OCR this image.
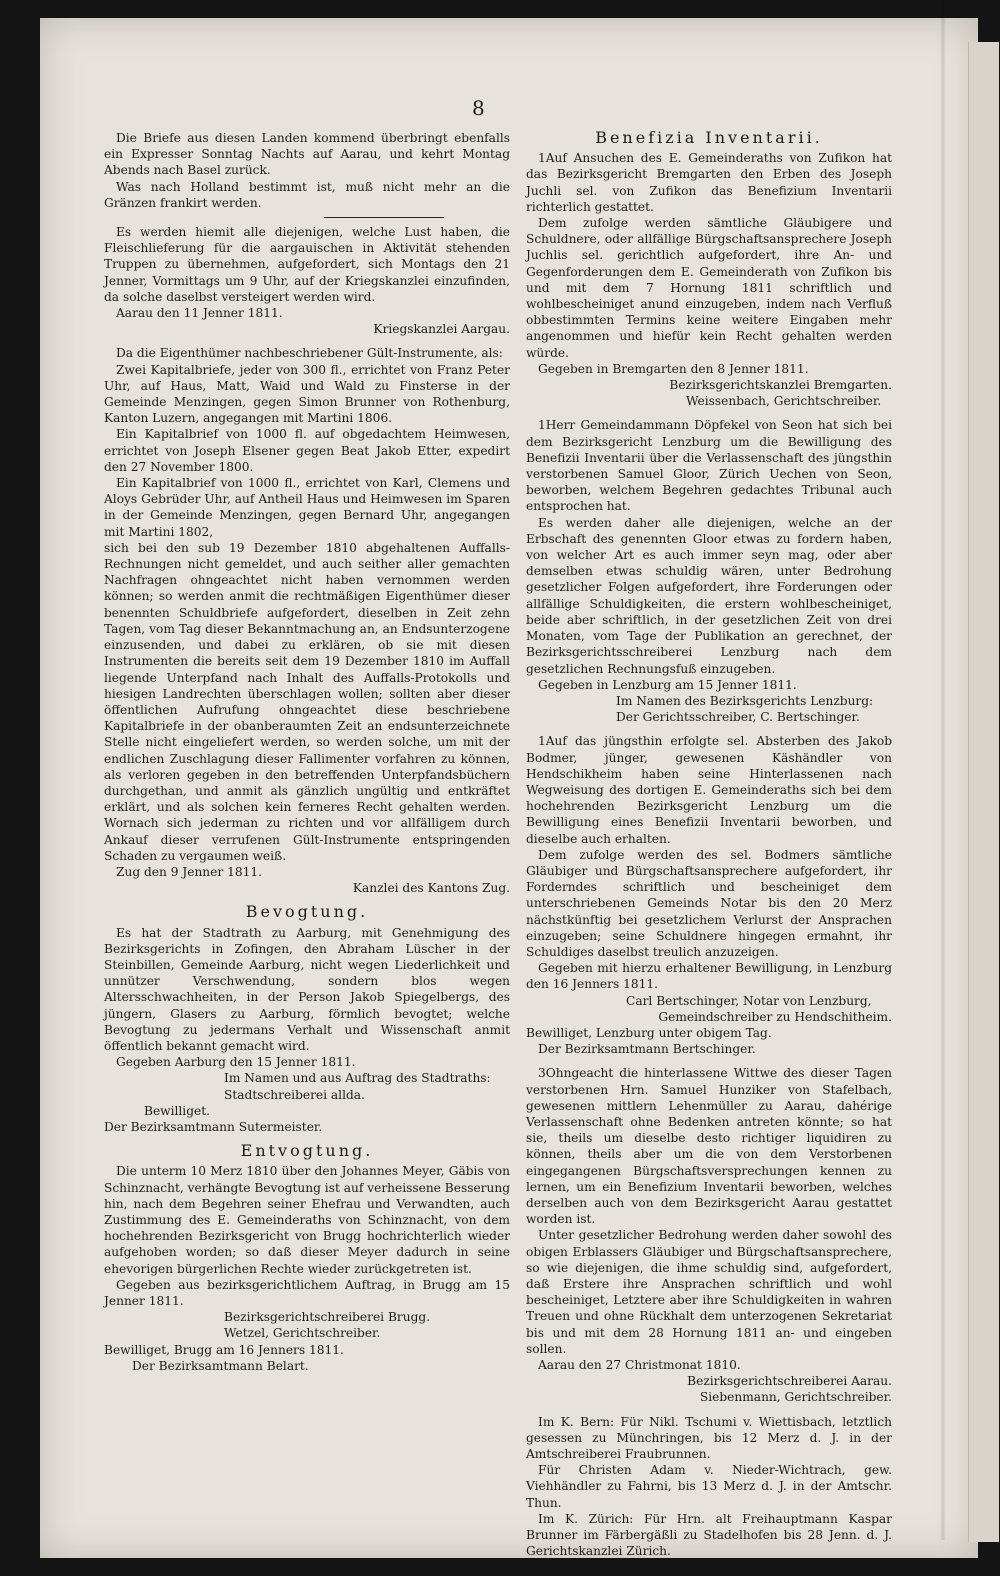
8

Die Briefe aus diesen Landen kommend überbringt ebenfalls ein Expresser Sonntag Nachts auf Aarau, und kehrt Montag Abends nach Basel zurück.

Was nach Holland bestimmt ist, muß nicht mehr an die Gränzen frankirt werden.

Es werden hiemit alle diejenigen, welche Lust haben, die Fleischlieferung für die aargauischen in Aktivität stehenden Truppen zu übernehmen, aufgefordert, sich Montags den 21 Jenner, Vormittags um 9 Uhr, auf der Kriegskanzlei einzufinden, da solche daselbst versteigert werden wird.

Aarau den 11 Jenner 1811.

Kriegskanzlei Aargau.

Da die Eigenthümer nachbeschriebener Gült-Instrumente, als:

Zwei Kapitalbriefe, jeder von 300 fl., errichtet von Franz Peter Uhr, auf Haus, Matt, Waid und Wald zu Finsterse in der Gemeinde Menzingen, gegen Simon Brunner von Rothenburg, Kanton Luzern, angegangen mit Martini 1806.

Ein Kapitalbrief von 1000 fl. auf obgedachtem Heimwesen, errichtet von Joseph Elsener gegen Beat Jakob Etter, expedirt den 27 November 1800.

Ein Kapitalbrief von 1000 fl., errichtet von Karl, Clemens und Aloys Gebrüder Uhr, auf Antheil Haus und Heimwesen im Sparen in der Gemeinde Menzingen, gegen Bernard Uhr, angegangen mit Martini 1802,

sich bei den sub 19 Dezember 1810 abgehaltenen Auffalls-Rechnungen nicht gemeldet, und auch seither aller gemachten Nachfragen ohngeachtet nicht haben vernommen werden können; so werden anmit die rechtmäßigen Eigenthümer dieser benennten Schuldbriefe aufgefordert, dieselben in Zeit zehn Tagen, vom Tag dieser Bekanntmachung an, an Endsunterzogene einzusenden, und dabei zu erklären, ob sie mit diesen Instrumenten die bereits seit dem 19 Dezember 1810 im Auffall liegende Unterpfand nach Inhalt des Auffalls-Protokolls und hiesigen Landrechten überschlagen wollen; sollten aber dieser öffentlichen Aufrufung ohngeachtet diese beschriebene Kapitalbriefe in der obanberaumten Zeit an endsunterzeichnete Stelle nicht eingeliefert werden, so werden solche, um mit der endlichen Zuschlagung dieser Fallimenter vorfahren zu können, als verloren gegeben in den betreffenden Unterpfandsbüchern durchgethan, und anmit als gänzlich ungültig und entkräftet erklärt, und als solchen kein ferneres Recht gehalten werden. Wornach sich jederman zu richten und vor allfälligem durch Ankauf dieser verrufenen Gült-Instrumente entspringenden Schaden zu vergaumen weiß.

Zug den 9 Jenner 1811.

Kanzlei des Kantons Zug.

Bevogtung.

Es hat der Stadtrath zu Aarburg, mit Genehmigung des Bezirksgerichts in Zofingen, den Abraham Lüscher in der Steinbillen, Gemeinde Aarburg, nicht wegen Liederlichkeit und unnützer Verschwendung, sondern blos wegen Altersschwachheiten, in der Person Jakob Spiegelbergs, des jüngern, Glasers zu Aarburg, förmlich bevogtet; welche Bevogtung zu jedermans Verhalt und Wissenschaft anmit öffentlich bekannt gemacht wird.

Gegeben Aarburg den 15 Jenner 1811.

Im Namen und aus Auftrag des Stadtraths:

Stadtschreiberei allda.

Bewilliget.

Der Bezirksamtmann Sutermeister.

Entvogtung.

Die unterm 10 Merz 1810 über den Johannes Meyer, Gäbis von Schinznacht, verhängte Bevogtung ist auf verheissene Besserung hin, nach dem Begehren seiner Ehefrau und Verwandten, auch Zustimmung des E. Gemeinderaths von Schinznacht, von dem hochehrenden Bezirksgericht von Brugg hochrichterlich wieder aufgehoben worden; so daß dieser Meyer dadurch in seine ehevorigen bürgerlichen Rechte wieder zurückgetreten ist.

Gegeben aus bezirksgerichtlichem Auftrag, in Brugg am 15 Jenner 1811.

Bezirksgerichtschreiberei Brugg.

Wetzel, Gerichtschreiber.

Bewilliget, Brugg am 16 Jenners 1811.

Der Bezirksamtmann Belart.

Benefizia Inventarii.

1Auf Ansuchen des E. Gemeinderaths von Zufikon hat das Bezirksgericht Bremgarten den Erben des Joseph Juchli sel. von Zufikon das Benefizium Inventarii richterlich gestattet.

Dem zufolge werden sämtliche Gläubigere und Schuldnere, oder allfällige Bürgschaftsansprechere Joseph Juchlis sel. gerichtlich aufgefordert, ihre An- und Gegenforderungen dem E. Gemeinderath von Zufikon bis und mit dem 7 Hornung 1811 schriftlich und wohlbescheiniget anund einzugeben, indem nach Verfluß obbestimmten Termins keine weitere Eingaben mehr angenommen und hiefür kein Recht gehalten werden würde.

Gegeben in Bremgarten den 8 Jenner 1811.

Bezirksgerichtskanzlei Bremgarten.

Weissenbach, Gerichtschreiber.

1Herr Gemeindammann Döpfekel von Seon hat sich bei dem Bezirksgericht Lenzburg um die Bewilligung des Benefizii Inventarii über die Verlassenschaft des jüngsthin verstorbenen Samuel Gloor, Zürich Uechen von Seon, beworben, welchem Begehren gedachtes Tribunal auch entsprochen hat.

Es werden daher alle diejenigen, welche an der Erbschaft des genennten Gloor etwas zu fordern haben, von welcher Art es auch immer seyn mag, oder aber demselben etwas schuldig wären, unter Bedrohung gesetzlicher Folgen aufgefordert, ihre Forderungen oder allfällige Schuldigkeiten, die erstern wohlbescheiniget, beide aber schriftlich, in der gesetzlichen Zeit von drei Monaten, vom Tage der Publikation an gerechnet, der Bezirksgerichtsschreiberei Lenzburg nach dem gesetzlichen Rechnungsfuß einzugeben.

Gegeben in Lenzburg am 15 Jenner 1811.

Im Namen des Bezirksgerichts Lenzburg:

Der Gerichtsschreiber, C. Bertschinger.

1Auf das jüngsthin erfolgte sel. Absterben des Jakob Bodmer, jünger, gewesenen Käshändler von Hendschikheim haben seine Hinterlassenen nach Wegweisung des dortigen E. Gemeinderaths sich bei dem hochehrenden Bezirksgericht Lenzburg um die Bewilligung eines Benefizii Inventarii beworben, und dieselbe auch erhalten.

Dem zufolge werden des sel. Bodmers sämtliche Gläubiger und Bürgschaftsansprechere aufgefordert, ihr Forderndes schriftlich und bescheiniget dem unterschriebenen Gemeinds Notar bis den 20 Merz nächstkünftig bei gesetzlichem Verlurst der Ansprachen einzugeben; seine Schuldnere hingegen ermahnt, ihr Schuldiges daselbst treulich anzuzeigen.

Gegeben mit hierzu erhaltener Bewilligung, in Lenzburg den 16 Jenners 1811.

Carl Bertschinger, Notar von Lenzburg,

Gemeindschreiber zu Hendschitheim.

Bewilliget, Lenzburg unter obigem Tag.

Der Bezirksamtmann Bertschinger.

3Ohngeacht die hinterlassene Wittwe des dieser Tagen verstorbenen Hrn. Samuel Hunziker von Stafelbach, gewesenen mittlern Lehenmüller zu Aarau, dahérige Verlassenschaft ohne Bedenken antreten könnte; so hat sie, theils um dieselbe desto richtiger liquidiren zu können, theils aber um die von dem Verstorbenen eingegangenen Bürgschaftsversprechungen kennen zu lernen, um ein Benefizium Inventarii beworben, welches derselben auch von dem Bezirksgericht Aarau gestattet worden ist.

Unter gesetzlicher Bedrohung werden daher sowohl des obigen Erblassers Gläubiger und Bürgschaftsansprechere, so wie diejenigen, die ihme schuldig sind, aufgefordert, daß Erstere ihre Ansprachen schriftlich und wohl bescheiniget, Letztere aber ihre Schuldigkeiten in wahren Treuen und ohne Rückhalt dem unterzogenen Sekretariat bis und mit dem 28 Hornung 1811 an- und eingeben sollen.

Aarau den 27 Christmonat 1810.

Bezirksgerichtschreiberei Aarau.

Siebenmann, Gerichtschreiber.

Im K. Bern: Für Nikl. Tschumi v. Wiettisbach, letztlich gesessen zu Münchringen, bis 12 Merz d. J. in der Amtschreiberei Fraubrunnen.

Für Christen Adam v. Nieder-Wichtrach, gew. Viehhändler zu Fahrni, bis 13 Merz d. J. in der Amtschr. Thun.

Im K. Zürich: Für Hrn. alt Freihauptmann Kaspar Brunner im Färbergäßli zu Stadelhofen bis 28 Jenn. d. J. Gerichtskanzlei Zürich.
